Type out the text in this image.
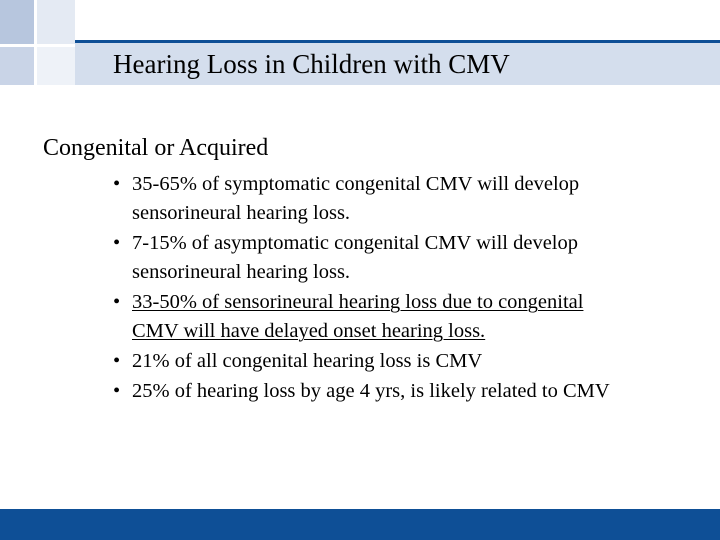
Hearing Loss in Children with CMV
Congenital or Acquired
• 35-65% of symptomatic congenital CMV will develop sensorineural hearing loss.
• 7-15% of asymptomatic congenital CMV will develop sensorineural hearing loss.
• 33-50% of sensorineural hearing loss due to congenital CMV will have delayed onset hearing loss.
• 21% of all congenital hearing loss is CMV
• 25% of hearing loss by age 4 yrs, is likely related to CMV
